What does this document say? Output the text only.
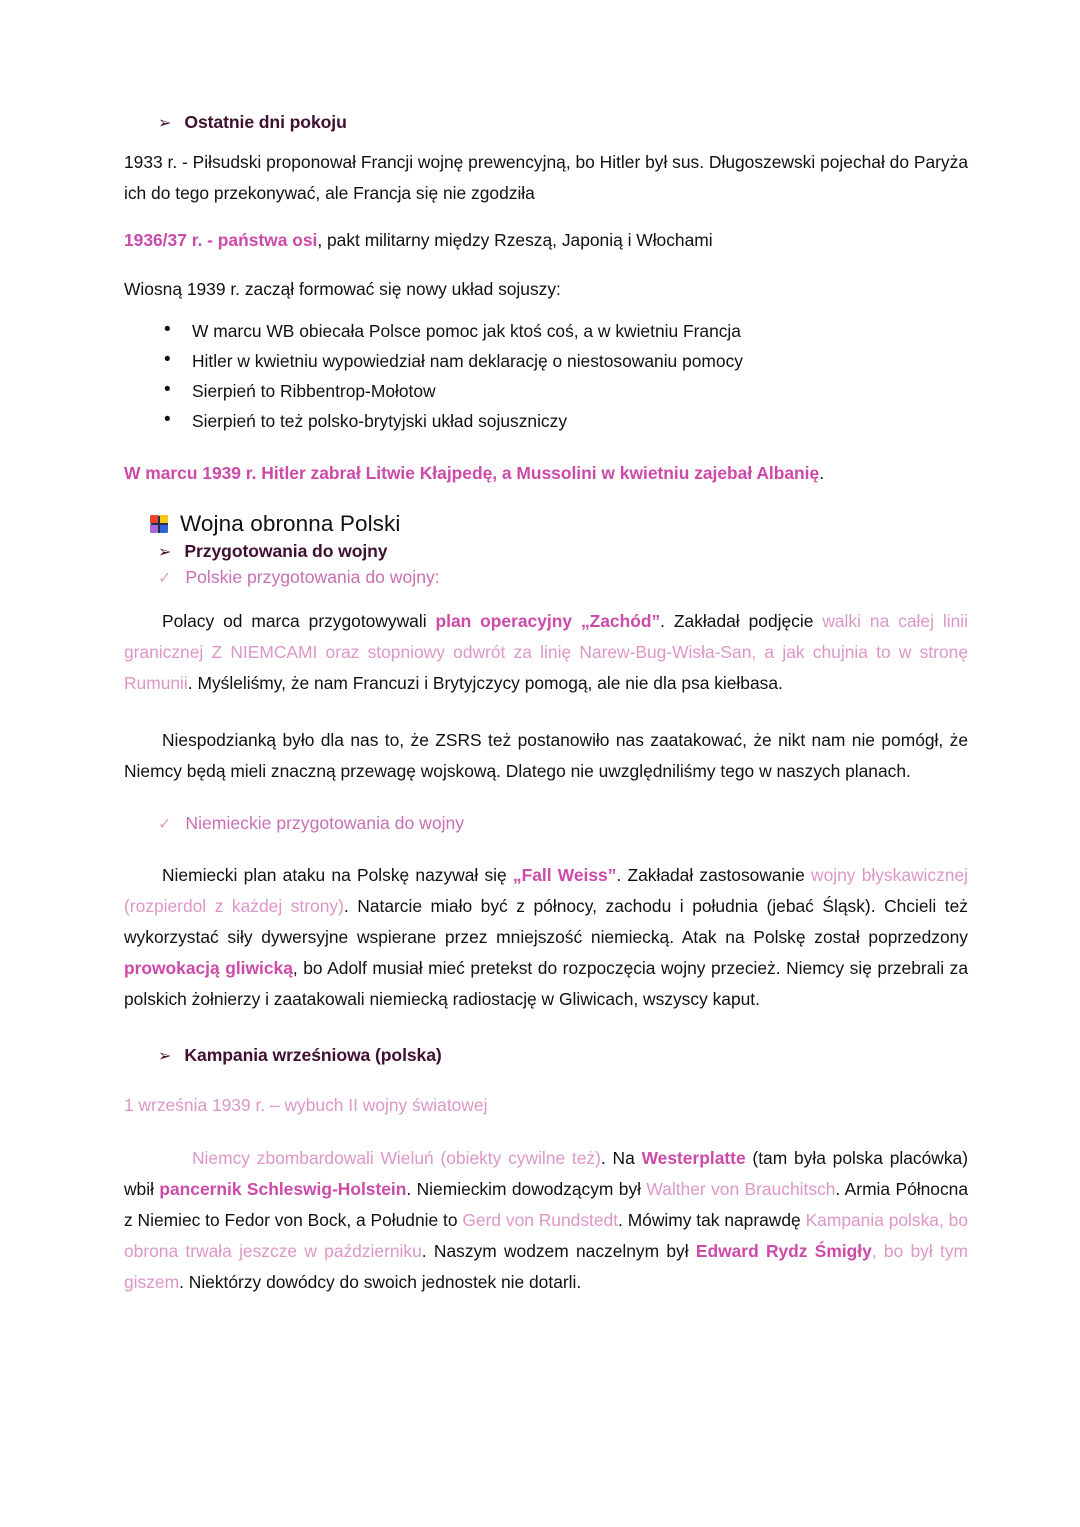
➢ Ostatnie dni pokoju

1933 r. - Piłsudski proponował Francji wojnę prewencyjną, bo Hitler był sus. Długoszewski pojechał do Paryża ich do tego przekonywać, ale Francja się nie zgodziła

1936/37 r. - państwa osi, pakt militarny między Rzeszą, Japonią i Włochami

Wiosną 1939 r. zaczął formować się nowy układ sojuszy:

• W marcu WB obiecała Polsce pomoc jak ktoś coś, a w kwietniu Francja
• Hitler w kwietniu wypowiedział nam deklarację o niestosowaniu pomocy
• Sierpień to Ribbentrop-Mołotow
• Sierpień to też polsko-brytyjski układ sojuszniczy

W marcu 1939 r. Hitler zabrał Litwie Kłajpedę, a Mussolini w kwietniu zajebał Albanię.

Wojna obronna Polski
➢ Przygotowania do wojny
✓ Polskie przygotowania do wojny:

Polacy od marca przygotowywali plan operacyjny „Zachód”. Zakładał podjęcie walki na całej linii granicznej Z NIEMCAMI oraz stopniowy odwrót za linię Narew-Bug-Wisła-San, a jak chujnia to w stronę Rumunii. Myśleliśmy, że nam Francuzi i Brytyjczycy pomogą, ale nie dla psa kiełbasa.

Niespodzianką było dla nas to, że ZSRS też postanowiło nas zaatakować, że nikt nam nie pomógł, że Niemcy będą mieli znaczną przewagę wojskową. Dlatego nie uwzględniliśmy tego w naszych planach.

✓ Niemieckie przygotowania do wojny

Niemiecki plan ataku na Polskę nazywał się „Fall Weiss”. Zakładał zastosowanie wojny błyskawicznej (rozpierdol z każdej strony). Natarcie miało być z północy, zachodu i południa (jebać Śląsk). Chcieli też wykorzystać siły dywersyjne wspierane przez mniejszość niemiecką. Atak na Polskę został poprzedzony prowokacją gliwicką, bo Adolf musiał mieć pretekst do rozpoczęcia wojny przecież. Niemcy się przebrali za polskich żołnierzy i zaatakowali niemiecką radiostację w Gliwicach, wszyscy kaput.

➢ Kampania wrześniowa (polska)

1 września 1939 r. – wybuch II wojny światowej

Niemcy zbombardowali Wieluń (obiekty cywilne też). Na Westerplatte (tam była polska placówka) wbił pancernik Schleswig-Holstein. Niemieckim dowodzącym był Walther von Brauchitsch. Armia Północna z Niemiec to Fedor von Bock, a Południe to Gerd von Rundstedt. Mówimy tak naprawdę Kampania polska, bo obrona trwała jeszcze w październiku. Naszym wodzem naczelnym był Edward Rydz Śmigły, bo był tym giszem. Niektórzy dowódcy do swoich jednostek nie dotarli.
